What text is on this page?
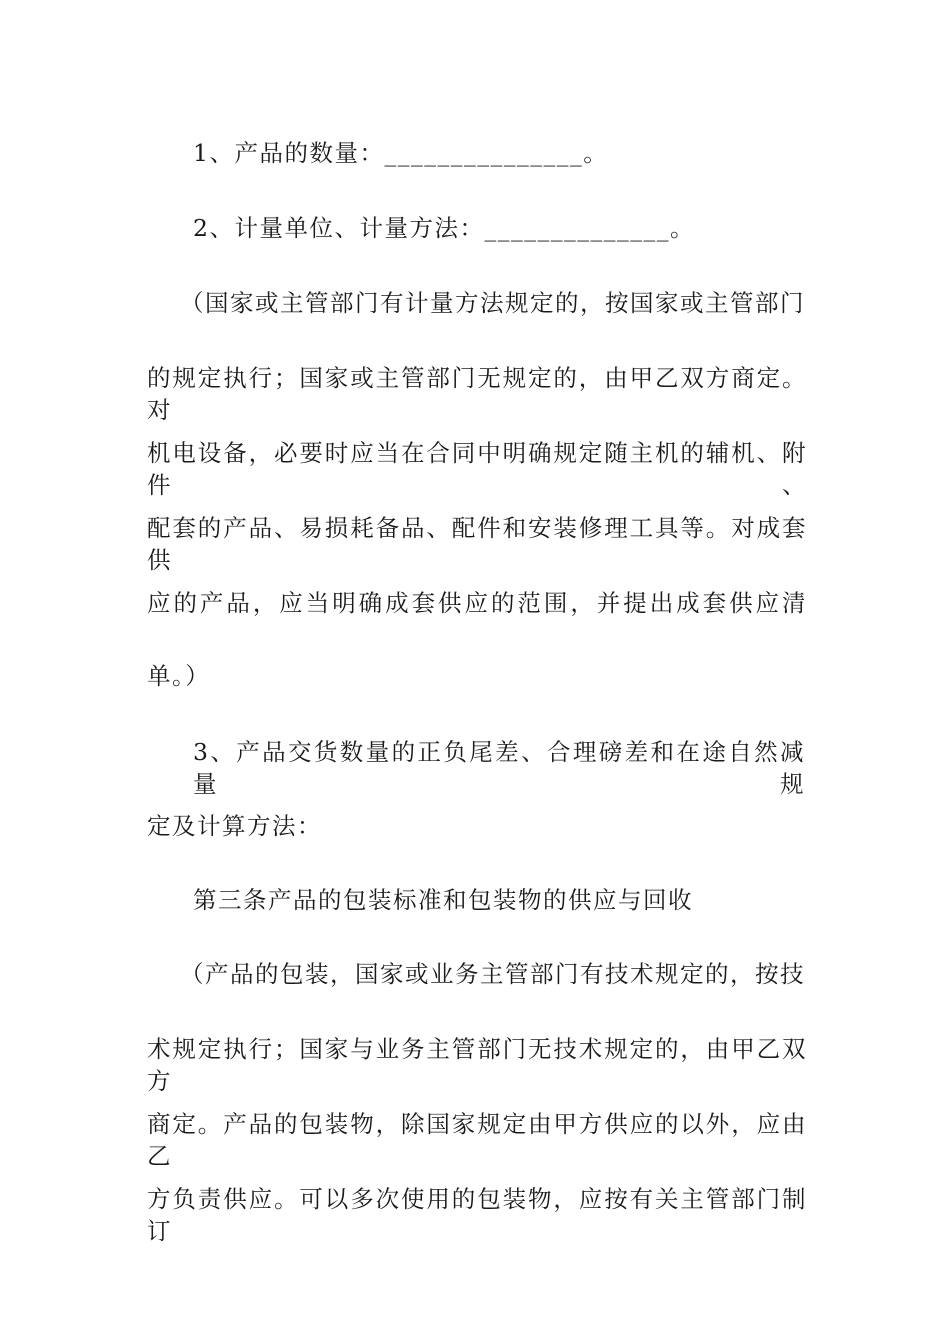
1、产品的数量：_______________。
2、计量单位、计量方法：______________。
（国家或主管部门有计量方法规定的，按国家或主管部门
的规定执行；国家或主管部门无规定的，由甲乙双方商定。对
机电设备，必要时应当在合同中明确规定随主机的辅机、附件、
配套的产品、易损耗备品、配件和安装修理工具等。对成套供
应的产品，应当明确成套供应的范围，并提出成套供应清
单。）
3、产品交货数量的正负尾差、合理磅差和在途自然减量规
定及计算方法：
第三条产品的包装标准和包装物的供应与回收
（产品的包装，国家或业务主管部门有技术规定的，按技
术规定执行；国家与业务主管部门无技术规定的，由甲乙双方
商定。产品的包装物，除国家规定由甲方供应的以外，应由乙
方负责供应。可以多次使用的包装物，应按有关主管部门制订
